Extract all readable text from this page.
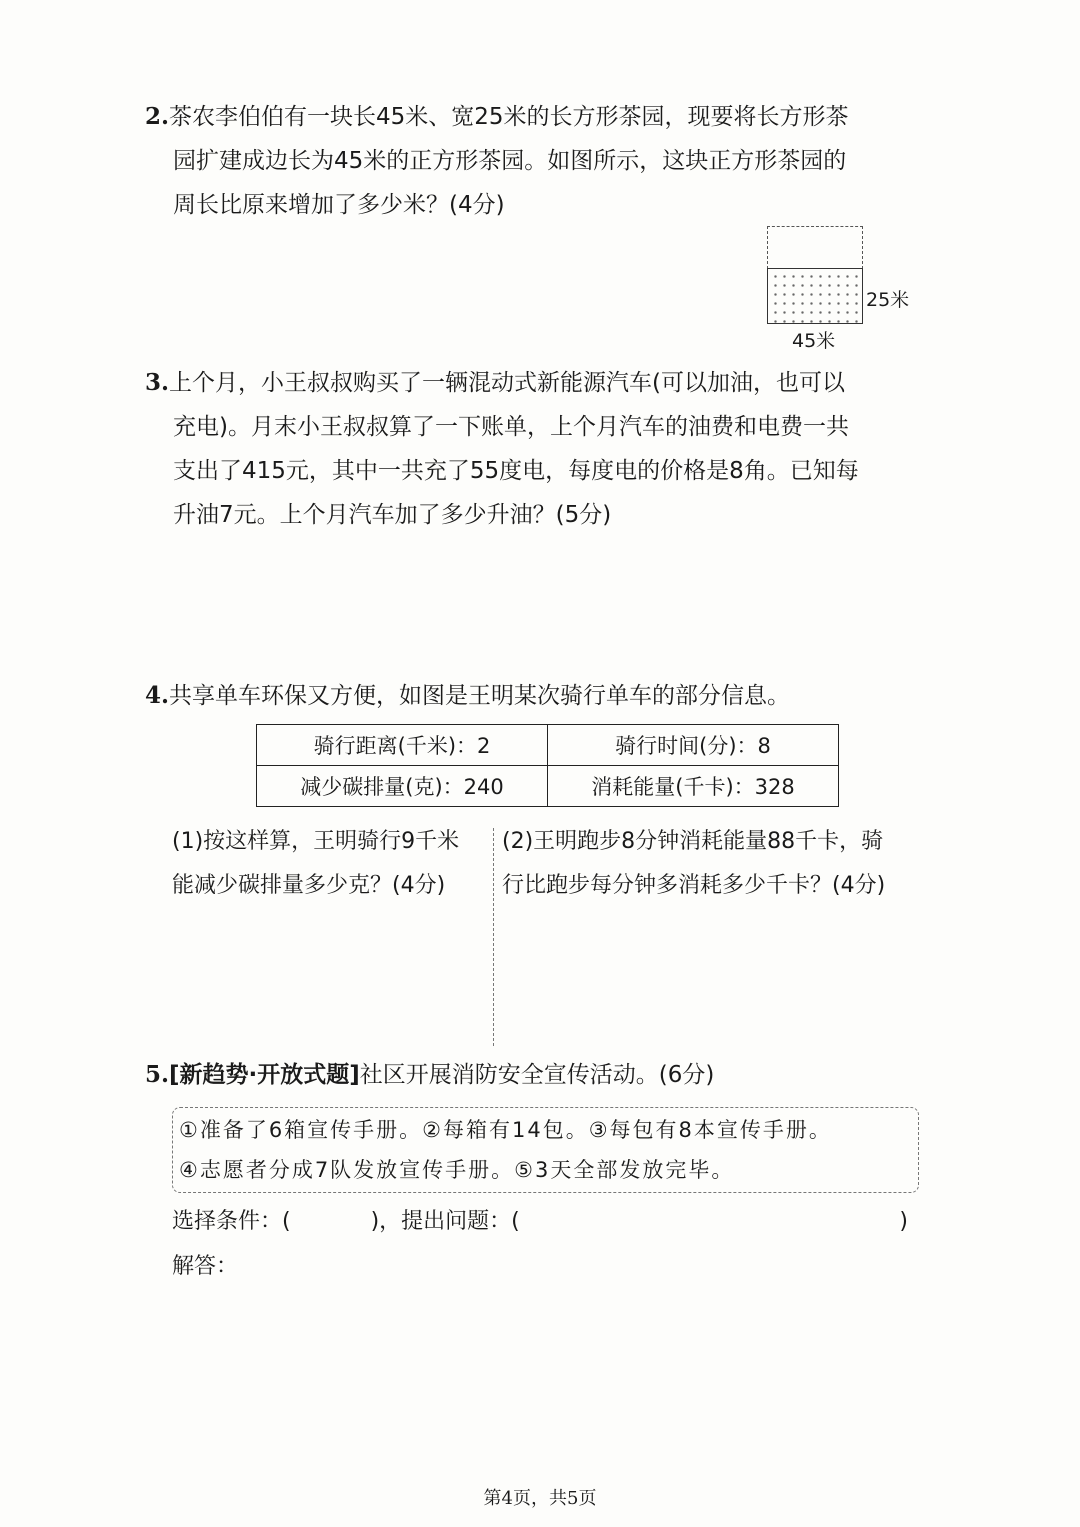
2.茶农李伯伯有一块长45米、宽25米的长方形茶园，现要将长方形茶
园扩建成边长为45米的正方形茶园。如图所示，这块正方形茶园的
周长比原来增加了多少米？(4分)
25米
45米
3.上个月，小王叔叔购买了一辆混动式新能源汽车(可以加油，也可以
充电)。月末小王叔叔算了一下账单，上个月汽车的油费和电费一共
支出了415元，其中一共充了55度电，每度电的价格是8角。已知每
升油7元。上个月汽车加了多少升油？(5分)
4.共享单车环保又方便，如图是王明某次骑行单车的部分信息。
骑行距离(千米)：2	骑行时间(分)：8
减少碳排量(克)：240	消耗能量(千卡)：328
(1)按这样算，王明骑行9千米
能减少碳排量多少克？(4分)
(2)王明跑步8分钟消耗能量88千卡，骑
行比跑步每分钟多消耗多少千卡？(4分)
5.[新趋势·开放式题]社区开展消防安全宣传活动。(6分)
①准备了6箱宣传手册。②每箱有14包。③每包有8本宣传手册。
④志愿者分成7队发放宣传手册。⑤3天全部发放完毕。
选择条件：(	)，提出问题：(	)
解答：
第4页，共5页
